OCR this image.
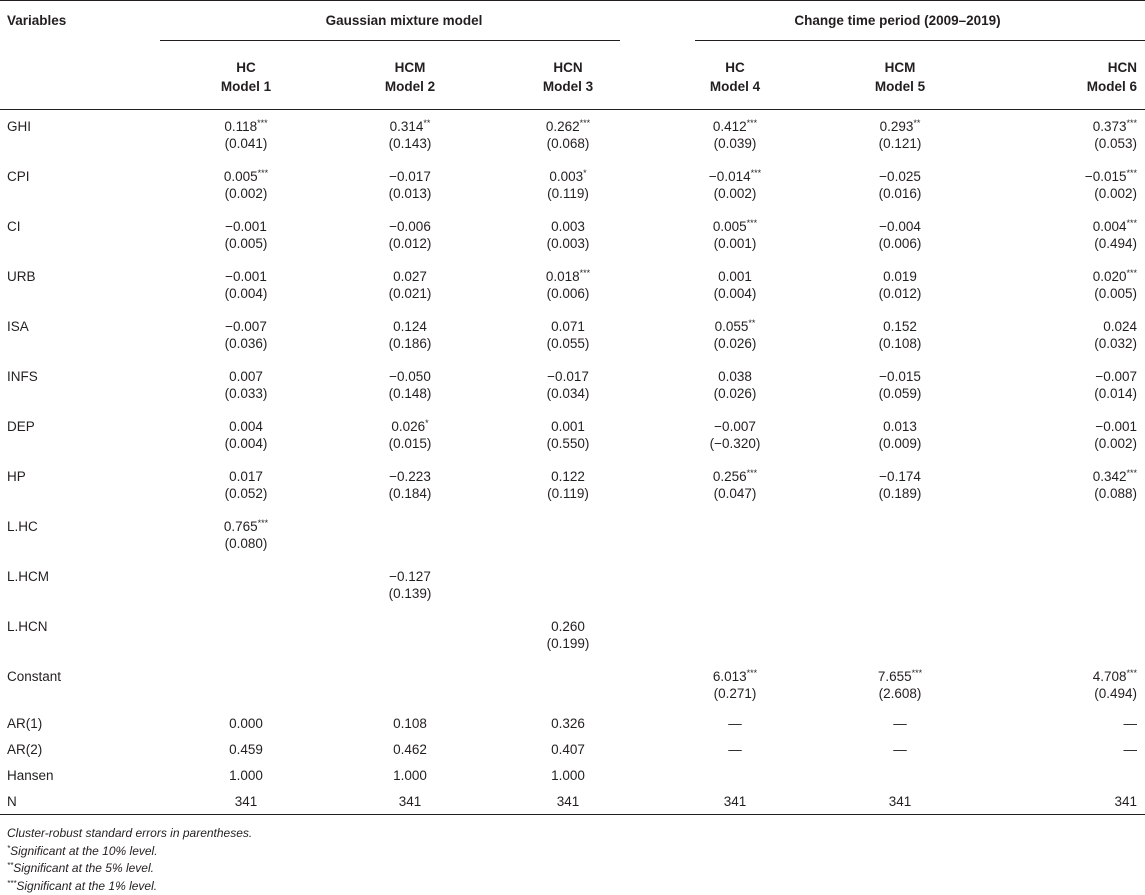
Variables	Gaussian mixture model			Change time period (2009–2019)		
	HC	HCM	HCN	HC	HCM	HCN
	Model 1	Model 2	Model 3	Model 4	Model 5	Model 6
GHI	0.118***	0.314**	0.262***	0.412***	0.293**	0.373***
	(0.041)	(0.143)	(0.068)	(0.039)	(0.121)	(0.053)
CPI	0.005***	−0.017	0.003*	−0.014***	−0.025	−0.015***
	(0.002)	(0.013)	(0.119)	(0.002)	(0.016)	(0.002)
CI	−0.001	−0.006	0.003	0.005***	−0.004	0.004***
	(0.005)	(0.012)	(0.003)	(0.001)	(0.006)	(0.494)
URB	−0.001	0.027	0.018***	0.001	0.019	0.020***
	(0.004)	(0.021)	(0.006)	(0.004)	(0.012)	(0.005)
ISA	−0.007	0.124	0.071	0.055**	0.152	0.024
	(0.036)	(0.186)	(0.055)	(0.026)	(0.108)	(0.032)
INFS	0.007	−0.050	−0.017	0.038	−0.015	−0.007
	(0.033)	(0.148)	(0.034)	(0.026)	(0.059)	(0.014)
DEP	0.004	0.026*	0.001	−0.007	0.013	−0.001
	(0.004)	(0.015)	(0.550)	(−0.320)	(0.009)	(0.002)
HP	0.017	−0.223	0.122	0.256***	−0.174	0.342***
	(0.052)	(0.184)	(0.119)	(0.047)	(0.189)	(0.088)
L.HC	0.765***					
	(0.080)					
L.HCM		−0.127				
		(0.139)				
L.HCN			0.260			
			(0.199)			
Constant				6.013***	7.655***	4.708***
				(0.271)	(2.608)	(0.494)
AR(1)	0.000	0.108	0.326	—	—	—
AR(2)	0.459	0.462	0.407	—	—	—
Hansen	1.000	1.000	1.000			
N	341	341	341	341	341	341
Cluster-robust standard errors in parentheses.
*Significant at the 10% level.
**Significant at the 5% level.
***Significant at the 1% level.
